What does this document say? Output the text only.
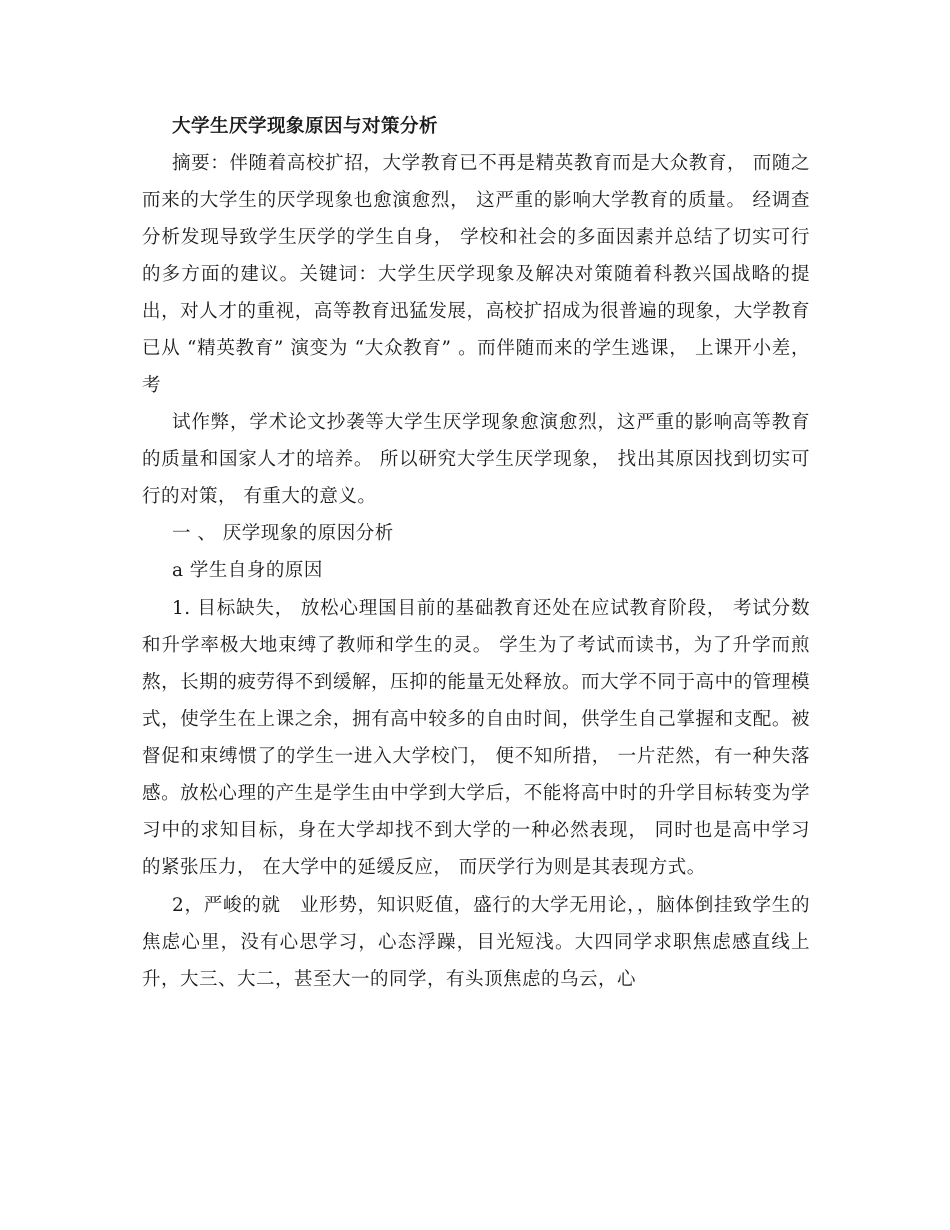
大学生厌学现象原因与对策分析

摘要：伴随着高校扩招，大学教育已不再是精英教育而是大众教育， 而随之而来的大学生的厌学现象也愈演愈烈， 这严重的影响大学教育的质量。 经调查分析发现导致学生厌学的学生自身， 学校和社会的多面因素并总结了切实可行的多方面的建议。关键词：大学生厌学现象及解决对策随着科教兴国战略的提出，对人才的重视，高等教育迅猛发展，高校扩招成为很普遍的现象，大学教育已从 “精英教育” 演变为 “大众教育” 。而伴随而来的学生逃课， 上课开小差， 考

试作弊，学术论文抄袭等大学生厌学现象愈演愈烈，这严重的影响高等教育的质量和国家人才的培养。 所以研究大学生厌学现象， 找出其原因找到切实可行的对策， 有重大的意义。

一 、 厌学现象的原因分析

a 学生自身的原因

1. 目标缺失， 放松心理国目前的基础教育还处在应试教育阶段， 考试分数和升学率极大地束缚了教师和学生的灵。 学生为了考试而读书，为了升学而煎熬，长期的疲劳得不到缓解，压抑的能量无处释放。而大学不同于高中的管理模式，使学生在上课之余，拥有高中较多的自由时间，供学生自己掌握和支配。被督促和束缚惯了的学生一进入大学校门， 便不知所措， 一片茫然，有一种失落感。放松心理的产生是学生由中学到大学后，不能将高中时的升学目标转变为学习中的求知目标，身在大学却找不到大学的一种必然表现， 同时也是高中学习的紧张压力， 在大学中的延缓反应， 而厌学行为则是其表现方式。

2，严峻的就　业形势，知识贬值，盛行的大学无用论，，脑体倒挂致学生的焦虑心里，没有心思学习，心态浮躁，目光短浅。大四同学求职焦虑感直线上升，大三、大二，甚至大一的同学，有头顶焦虑的乌云，心
